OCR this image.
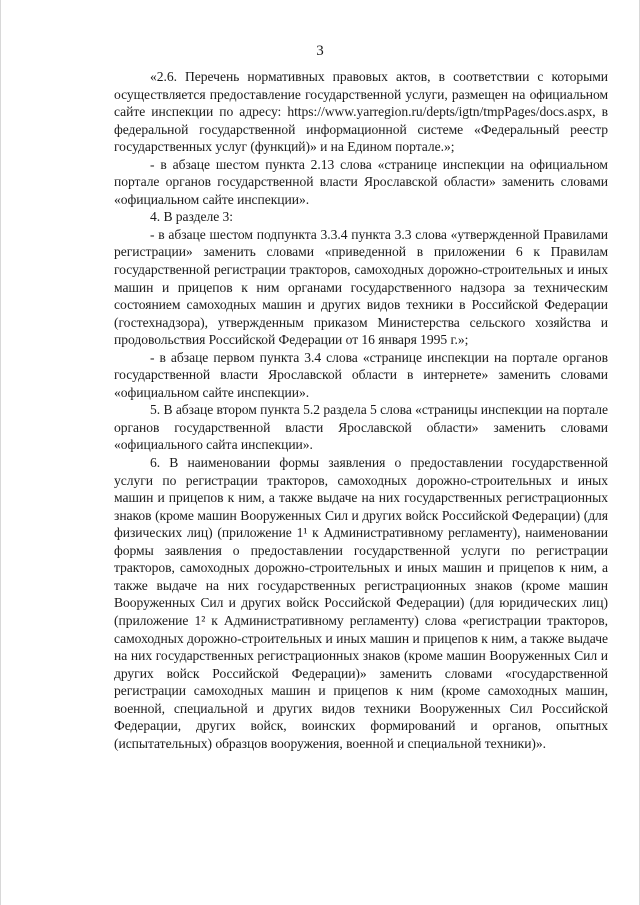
3

«2.6. Перечень нормативных правовых актов, в соответствии с которыми осуществляется предоставление государственной услуги, размещен на официальном сайте инспекции по адресу: https://www.yarregion.ru/depts/igtn/tmpPages/docs.aspx, в федеральной государственной информационной системе «Федеральный реестр государственных услуг (функций)» и на Едином портале.»;

- в абзаце шестом пункта 2.13 слова «странице инспекции на официальном портале органов государственной власти Ярославской области» заменить словами «официальном сайте инспекции».

4. В разделе 3:

- в абзаце шестом подпункта 3.3.4 пункта 3.3 слова «утвержденной Правилами регистрации» заменить словами «приведенной в приложении 6 к Правилам государственной регистрации тракторов, самоходных дорожно-строительных и иных машин и прицепов к ним органами государственного надзора за техническим состоянием самоходных машин и других видов техники в Российской Федерации (гостехнадзора), утвержденным приказом Министерства сельского хозяйства и продовольствия Российской Федерации от 16 января 1995 г.»;

- в абзаце первом пункта 3.4 слова «странице инспекции на портале органов государственной власти Ярославской области в интернете» заменить словами «официальном сайте инспекции».

5. В абзаце втором пункта 5.2 раздела 5 слова «страницы инспекции на портале органов государственной власти Ярославской области» заменить словами «официального сайта инспекции».

6. В наименовании формы заявления о предоставлении государственной услуги по регистрации тракторов, самоходных дорожно-строительных и иных машин и прицепов к ним, а также выдаче на них государственных регистрационных знаков (кроме машин Вооруженных Сил и других войск Российской Федерации) (для физических лиц) (приложение 1¹ к Административному регламенту), наименовании формы заявления о предоставлении государственной услуги по регистрации тракторов, самоходных дорожно-строительных и иных машин и прицепов к ним, а также выдаче на них государственных регистрационных знаков (кроме машин Вооруженных Сил и других войск Российской Федерации) (для юридических лиц) (приложение 1² к Административному регламенту) слова «регистрации тракторов, самоходных дорожно-строительных и иных машин и прицепов к ним, а также выдаче на них государственных регистрационных знаков (кроме машин Вооруженных Сил и других войск Российской Федерации)» заменить словами «государственной регистрации самоходных машин и прицепов к ним (кроме самоходных машин, военной, специальной и других видов техники Вооруженных Сил Российской Федерации, других войск, воинских формирований и органов, опытных (испытательных) образцов вооружения, военной и специальной техники)».
